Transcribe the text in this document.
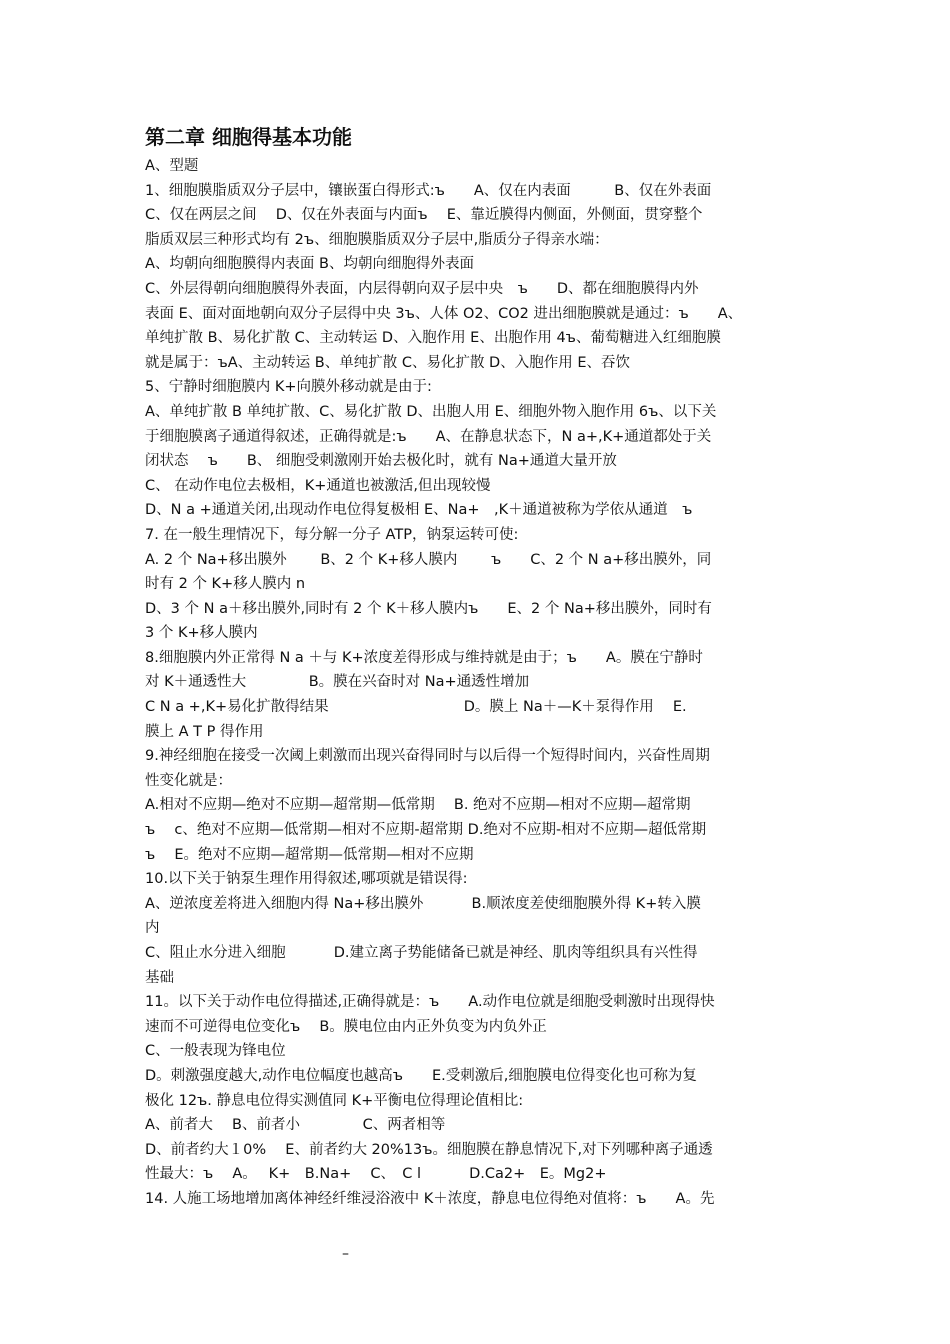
第二章 细胞得基本功能
A、型题
1、细胞膜脂质双分子层中，镶嵌蛋白得形式:ъ　　A、仅在内表面　　　B、仅在外表面
C、仅在两层之间　 D、仅在外表面与内面ъ　 E、靠近膜得内侧面，外侧面，贯穿整个
脂质双层三种形式均有 2ъ、细胞膜脂质双分子层中,脂质分子得亲水端：
A、均朝向细胞膜得内表面 B、均朝向细胞得外表面
C、外层得朝向细胞膜得外表面，内层得朝向双子层中央　ъ　　D、都在细胞膜得内外
表面 E、面对面地朝向双分子层得中央 3ъ、人体 O2、CO2 进出细胞膜就是通过：ъ　　A、
单纯扩散 B、易化扩散 C、主动转运 D、入胞作用 E、出胞作用 4ъ、葡萄糖进入红细胞膜
就是属于：ъA、主动转运 B、单纯扩散 C、易化扩散 D、入胞作用 E、吞饮
5、宁静时细胞膜内 K+向膜外移动就是由于:
A、单纯扩散 B 单纯扩散、C、易化扩散 D、出胞人用 E、细胞外物入胞作用 6ъ、以下关
于细胞膜离子通道得叙述，正确得就是:ъ　　A、在静息状态下，N a+,K+通道都处于关
闭状态　 ъ　　B、 细胞受刺激刚开始去极化时，就有 Na+通道大量开放
C、 在动作电位去极相，K+通道也被激活,但出现较慢
D、N a +通道关闭,出现动作电位得复极相 E、Na+　,K＋通道被称为学依从通道　ъ
7. 在一般生理情况下，每分解一分子 ATP，钠泵运转可使:
A. 2 个 Na+移出膜外　　 B、2 个 K+移人膜内　　 ъ　　C、2 个 N a+移出膜外，同
时有 2 个 K+移人膜内 n
D、3 个 N a＋移出膜外,同时有 2 个 K＋移人膜内ъ　　E、2 个 Na+移出膜外，同时有
3 个 K+移人膜内
8.细胞膜内外正常得 N a ＋与 K+浓度差得形成与维持就是由于；ъ　　A。膜在宁静时
对 K＋通透性大　　　　 B。膜在兴奋时对 Na+通透性增加
C N a +,K+易化扩散得结果　　　　　　　　　 D。膜上 Na＋—K＋泵得作用　 E.
膜上 A T P 得作用
9.神经细胞在接受一次阈上刺激而出现兴奋得同时与以后得一个短得时间内，兴奋性周期
性变化就是：
A.相对不应期—绝对不应期—超常期—低常期　 B. 绝对不应期—相对不应期—超常期
ъ　 c、绝对不应期—低常期—相对不应期-超常期 D.绝对不应期-相对不应期—超低常期
ъ　 E。绝对不应期—超常期—低常期—相对不应期
10.以下关于钠泵生理作用得叙述,哪项就是错误得:
A、逆浓度差将进入细胞内得 Na+移出膜外　　　 B.顺浓度差使细胞膜外得 K+转入膜
内
C、阻止水分进入细胞　　　 D.建立离子势能储备已就是神经、肌肉等组织具有兴性得
基础
11。以下关于动作电位得描述,正确得就是：ъ　　A.动作电位就是细胞受刺激时出现得快
速而不可逆得电位变化ъ　 B。膜电位由内正外负变为内负外正
C、一般表现为锋电位
D。刺激强度越大,动作电位幅度也越高ъ　　E.受刺激后,细胞膜电位得变化也可称为复
极化 12ъ. 静息电位得实测值同 K+平衡电位得理论值相比:
A、前者大　 B、前者小　　　　 C、两者相等
D、前者约大１0%　 E、前者约大 20%13ъ。细胞膜在静息情况下,对下列哪种离子通透
性最大：ъ　 A。　 K+　B.Na+　 C、　C l　　　 D.Ca2+　E。Mg2+
14. 人施工场地增加离体神经纤维浸浴液中 K＋浓度，静息电位得绝对值将：ъ　　A。先
–
